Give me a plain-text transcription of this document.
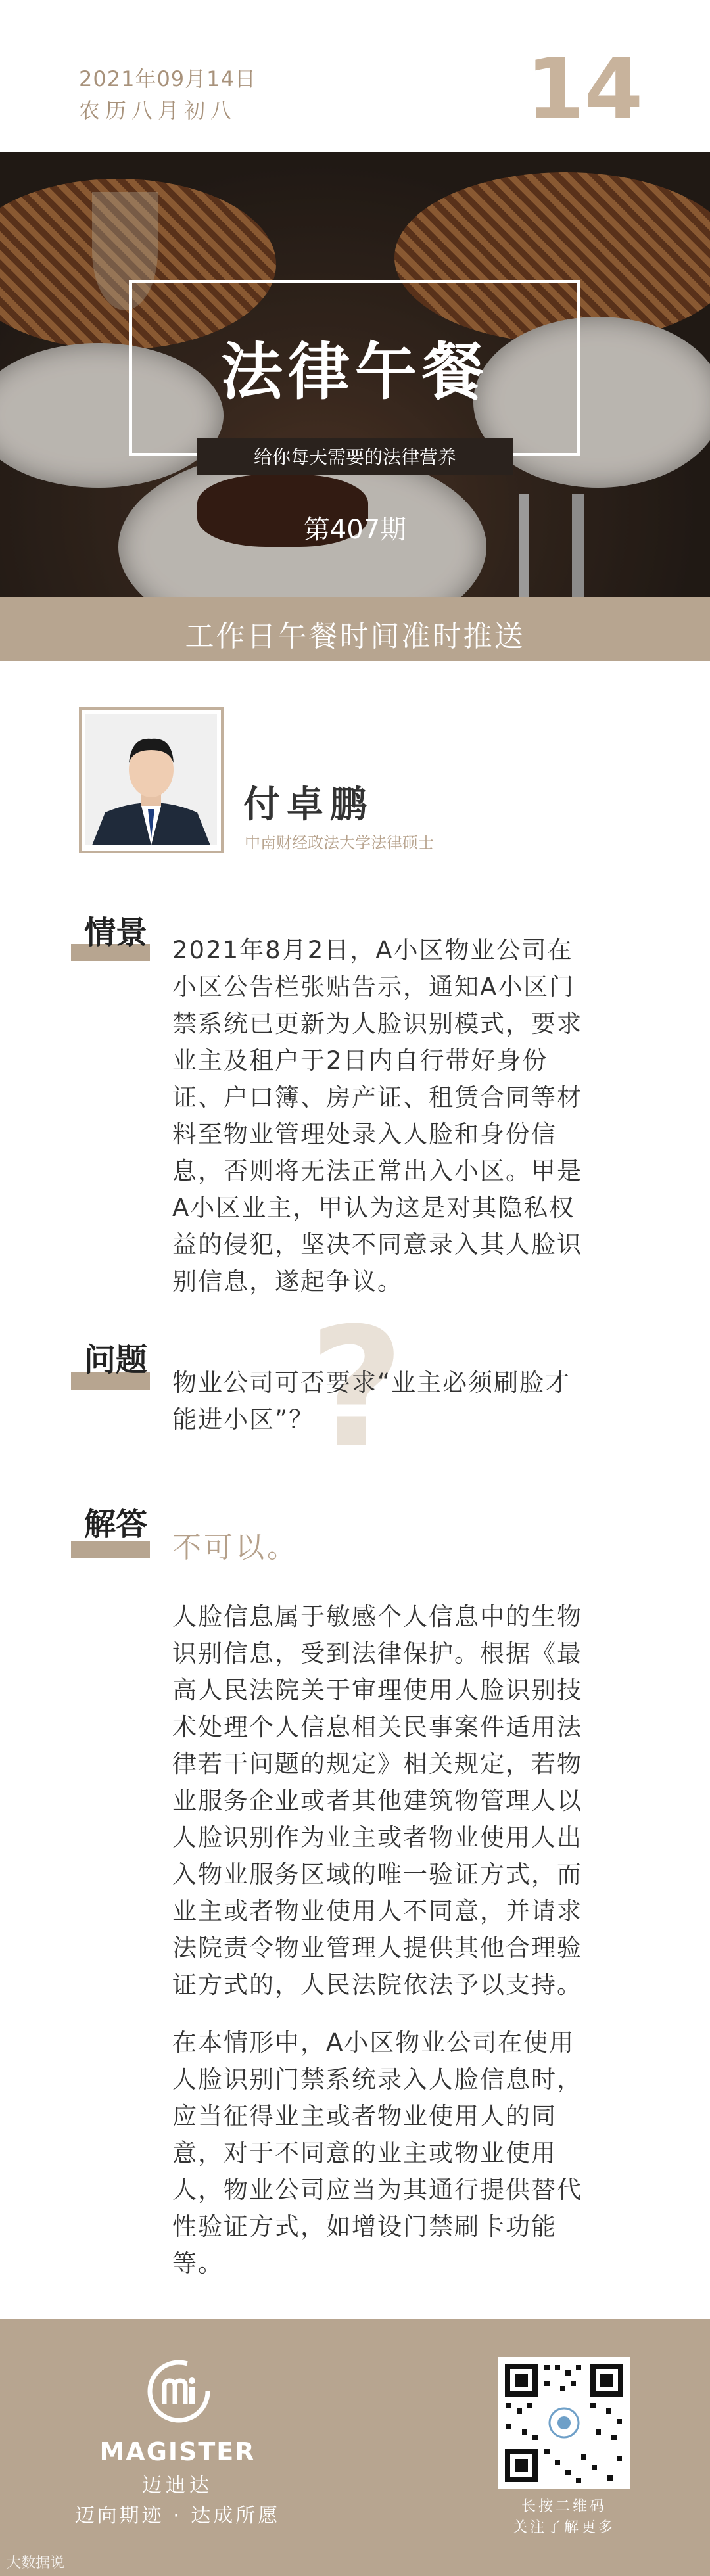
2021年09月14日
农历八月初八	14
法律午餐
给你每天需要的法律营养
第407期
工作日午餐时间准时推送
付卓鹏
中南财经政法大学法律硕士
情景 2021年8月2日，A小区物业公司在
小区公告栏张贴告示，通知A小区门
禁系统已更新为人脸识别模式，要求
业主及租户于2日内自行带好身份
证、户口簿、房产证、租赁合同等材
料至物业管理处录入人脸和身份信
息，否则将无法正常出入小区。甲是
A小区业主，甲认为这是对其隐私权
益的侵犯，坚决不同意录入其人脸识
别信息，遂起争议。
?
问题
物业公司可否要求“业主必须刷脸才
能进小区”？
解答
不可以。
人脸信息属于敏感个人信息中的生物
识别信息，受到法律保护。根据《最
高人民法院关于审理使用人脸识别技
术处理个人信息相关民事案件适用法
律若干问题的规定》相关规定，若物
业服务企业或者其他建筑物管理人以
人脸识别作为业主或者物业使用人出
入物业服务区域的唯一验证方式，而
业主或者物业使用人不同意，并请求
法院责令物业管理人提供其他合理验
证方式的，人民法院依法予以支持。
在本情形中，A小区物业公司在使用
人脸识别门禁系统录入人脸信息时，
应当征得业主或者物业使用人的同
意，对于不同意的业主或物业使用
人，物业公司应当为其通行提供替代
性验证方式，如增设门禁刷卡功能
等。
MAGISTER
迈迪达
迈向期迹 · 达成所愿	长按二维码
关注了解更多
大数据说
